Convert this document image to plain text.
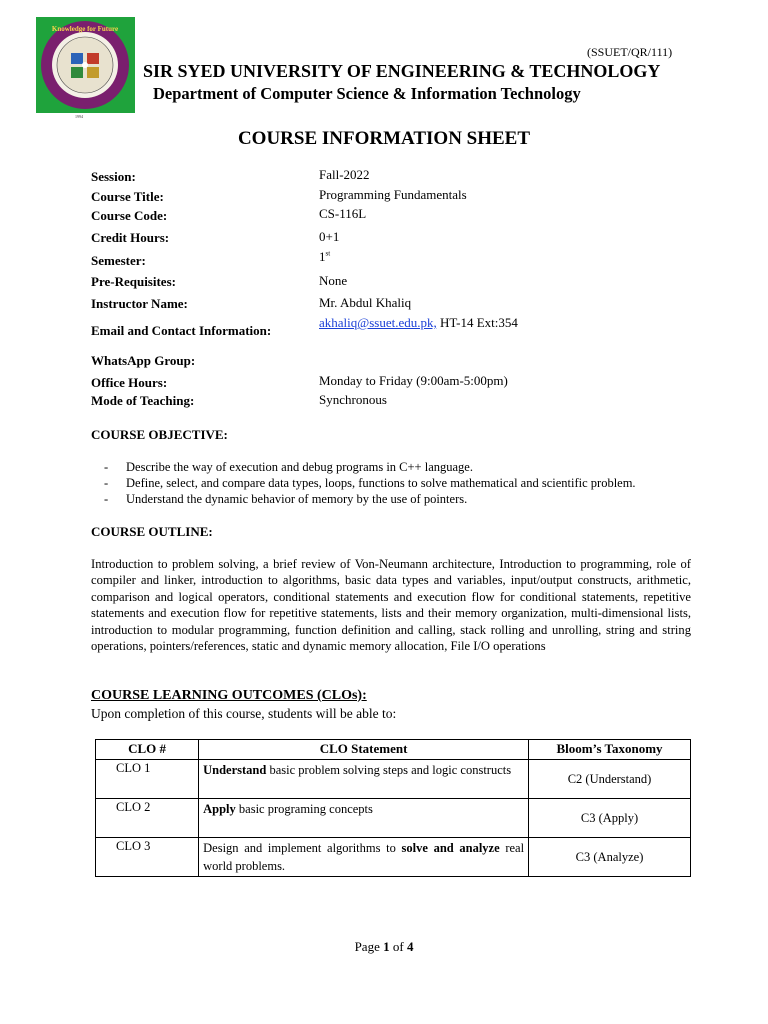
Knowledge for Future
1994
(SSUET/QR/111)
SIR SYED UNIVERSITY OF ENGINEERING & TECHNOLOGY
Department of Computer Science & Information Technology
COURSE INFORMATION SHEET
Session:	Fall-2022
Course Title:	Programming Fundamentals
Course Code:	CS-116L
Credit Hours:	0+1
Semester:	1st
Pre-Requisites:	None
Instructor Name:	Mr. Abdul Khaliq
Email and Contact Information:
akhaliq@ssuet.edu.pk, HT-14 Ext:354
WhatsApp Group:
Office Hours:	Monday to Friday (9:00am-5:00pm)
Mode of Teaching:	Synchronous
COURSE OBJECTIVE:
- Describe the way of execution and debug programs in C++ language.
- Define, select, and compare data types, loops, functions to solve mathematical and scientific problem.
- Understand the dynamic behavior of memory by the use of pointers.
COURSE OUTLINE:
Introduction to problem solving, a brief review of Von-Neumann architecture, Introduction to programming, role of compiler and linker, introduction to algorithms, basic data types and variables, input/output constructs, arithmetic, comparison and logical operators, conditional statements and execution flow for conditional statements, repetitive statements and execution flow for repetitive statements, lists and their memory organization, multi-dimensional lists, introduction to modular programming, function definition and calling, stack rolling and unrolling, string and string operations, pointers/references, static and dynamic memory allocation, File I/O operations
COURSE LEARNING OUTCOMES (CLOs):
Upon completion of this course, students will be able to:
CLO #	CLO Statement	Bloom’s Taxonomy
CLO 1	Understand basic problem solving steps and logic constructs	C2 (Understand)
CLO 2	Apply basic programing concepts	C3 (Apply)
CLO 3	Design and implement algorithms to solve and analyze real world problems.	C3 (Analyze)
Page 1 of 4
